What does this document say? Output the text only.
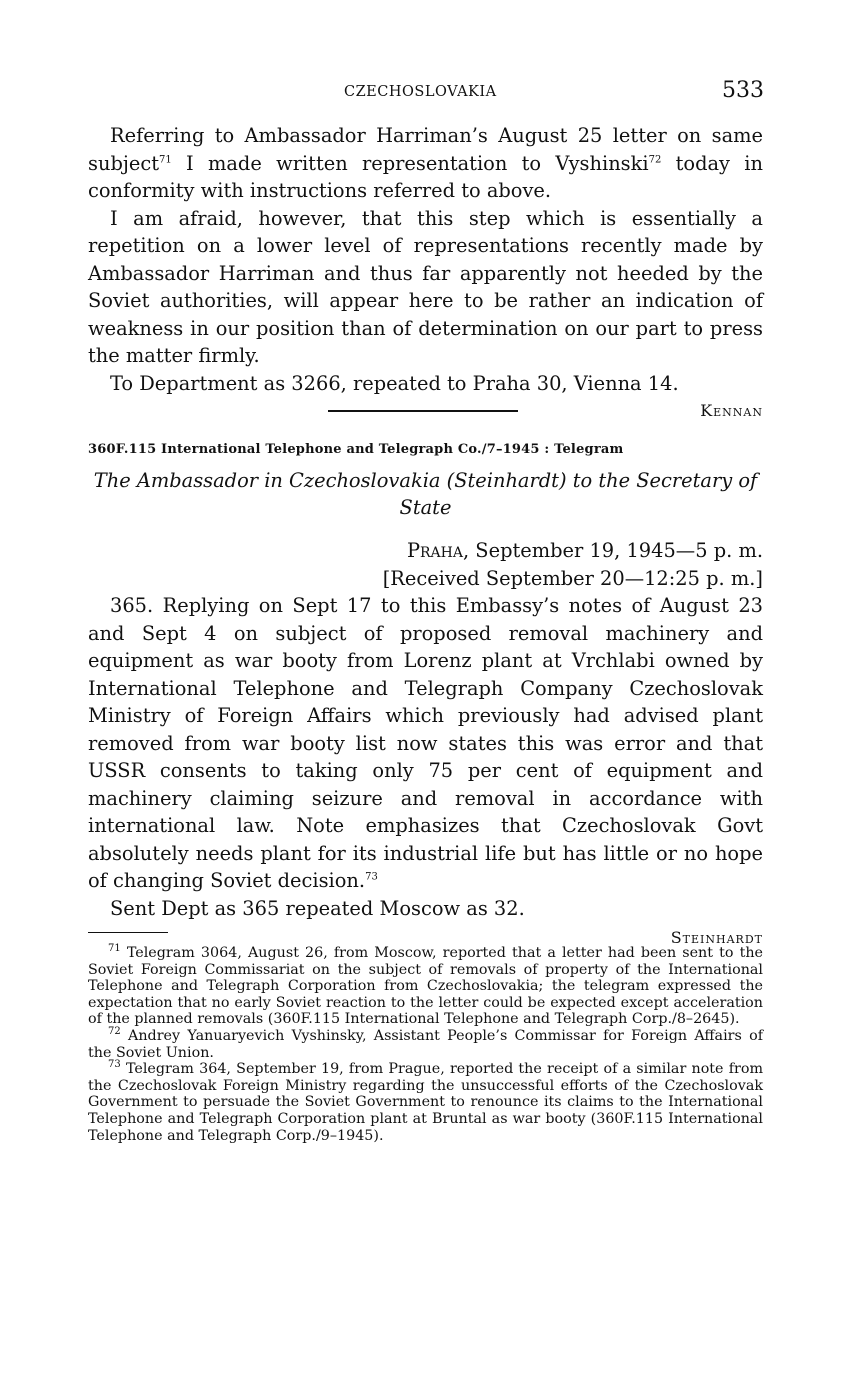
CZECHOSLOVAKIA	533

Referring to Ambassador Harriman’s August 25 letter on same subject$^{71}$ I made written representation to Vyshinski$^{72}$ today in conformity with instructions referred to above.

I am afraid, however, that this step which is essentially a repetition on a lower level of representations recently made by Ambassador Harriman and thus far apparently not heeded by the Soviet authorities, will appear here to be rather an indication of weakness in our position than of determination on our part to press the matter firmly.

To Department as 3266, repeated to Praha 30, Vienna 14.

Kennan
360F.115 International Telephone and Telegraph Co./7–1945 : Telegram
The Ambassador in Czechoslovakia (Steinhardt) to the Secretary of State
Praha, September 19, 1945—5 p. m.
[Received September 20—12:25 p. m.]

365. Replying on Sept 17 to this Embassy’s notes of August 23 and Sept 4 on subject of proposed removal machinery and equipment as war booty from Lorenz plant at Vrchlabi owned by International Telephone and Telegraph Company Czechoslovak Ministry of Foreign Affairs which previously had advised plant removed from war booty list now states this was error and that USSR consents to taking only 75 per cent of equipment and machinery claiming seizure and removal in accordance with international law. Note emphasizes that Czechoslovak Govt absolutely needs plant for its industrial life but has little or no hope of changing Soviet decision.$^{73}$

Sent Dept as 365 repeated Moscow as 32.

Steinhardt

$^{71}$ Telegram 3064, August 26, from Moscow, reported that a letter had been sent to the Soviet Foreign Commissariat on the subject of removals of property of the International Telephone and Telegraph Corporation from Czechoslovakia; the telegram expressed the expectation that no early Soviet reaction to the letter could be expected except acceleration of the planned removals (360F.115 International Telephone and Telegraph Corp./8–2645).

$^{72}$ Andrey Yanuaryevich Vyshinsky, Assistant People’s Commissar for Foreign Affairs of the Soviet Union.

$^{73}$ Telegram 364, September 19, from Prague, reported the receipt of a similar note from the Czechoslovak Foreign Ministry regarding the unsuccessful efforts of the Czechoslovak Government to persuade the Soviet Government to renounce its claims to the International Telephone and Telegraph Corporation plant at Bruntal as war booty (360F.115 International Telephone and Telegraph Corp./9–1945).
